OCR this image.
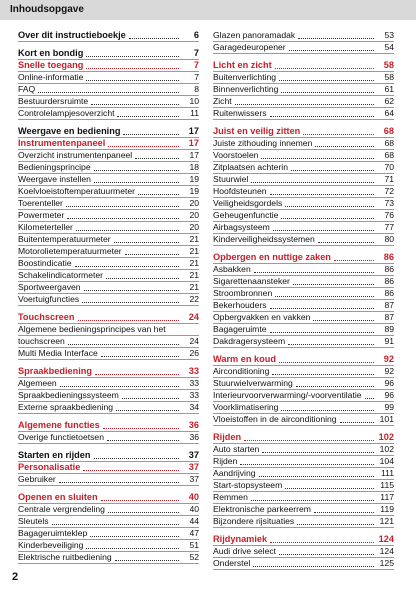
Inhoudsopgave
Over dit instructieboekje	6
Kort en bondig	7
Snelle toegang	7
Online-informatie	7
FAQ	8
Bestuurdersruimte	10
Controlelampjesoverzicht	11
Weergave en bediening	17
Instrumentenpaneel	17
Overzicht instrumentenpaneel	17
Bedieningsprincipe	18
Weergave instellen	19
Koelvloeistoftemperatuurmeter	19
Toerenteller	20
Powermeter	20
Kilometerteller	20
Buitentemperatuurmeter	21
Motorolietemperatuurmeter	21
Boostindicatie	21
Schakelindicatormeter	21
Sportweergaven	21
Voertuigfuncties	22
Touchscreen	24
Algemene bedieningsprincipes van het
touchscreen	24
Multi Media Interface	26
Spraakbediening	33
Algemeen	33
Spraakbedieningssysteem	33
Externe spraakbediening	34
Algemene functies	36
Overige functietoetsen	36
Starten en rijden	37
Personalisatie	37
Gebruiker	37
Openen en sluiten	40
Centrale vergrendeling	40
Sleutels	44
Bagageruimteklep	47
Kinderbeveiliging	51
Elektrische ruitbediening	52
Glazen panoramadak	53
Garagedeuropener	54
Licht en zicht	58
Buitenverlichting	58
Binnenverlichting	61
Zicht	62
Ruitenwissers	64
Juist en veilig zitten	68
Juiste zithouding innemen	68
Voorstoelen	68
Zitplaatsen achterin	70
Stuurwiel	71
Hoofdsteunen	72
Veiligheidsgordels	73
Geheugenfunctie	76
Airbagsysteem	77
Kinderveiligheidssystemen	80
Opbergen en nuttige zaken	86
Asbakken	86
Sigarettenaansteker	86
Stroombronnen	86
Bekerhouders	87
Opbergvakken en vakken	87
Bagageruimte	89
Dakdragersysteem	91
Warm en koud	92
Airconditioning	92
Stuurwielverwarming	96
Interieurvoorverwarming/-voorventilatie	96
Voorklimatisering	99
Vloeistoffen in de airconditioning	101
Rijden	102
Auto starten	102
Rijden	104
Aandrijving	111
Start-stopsysteem	115
Remmen	117
Elektronische parkeerrem	119
Bijzondere rijsituaties	121
Rijdynamiek	124
Audi drive select	124
Onderstel	125
2
